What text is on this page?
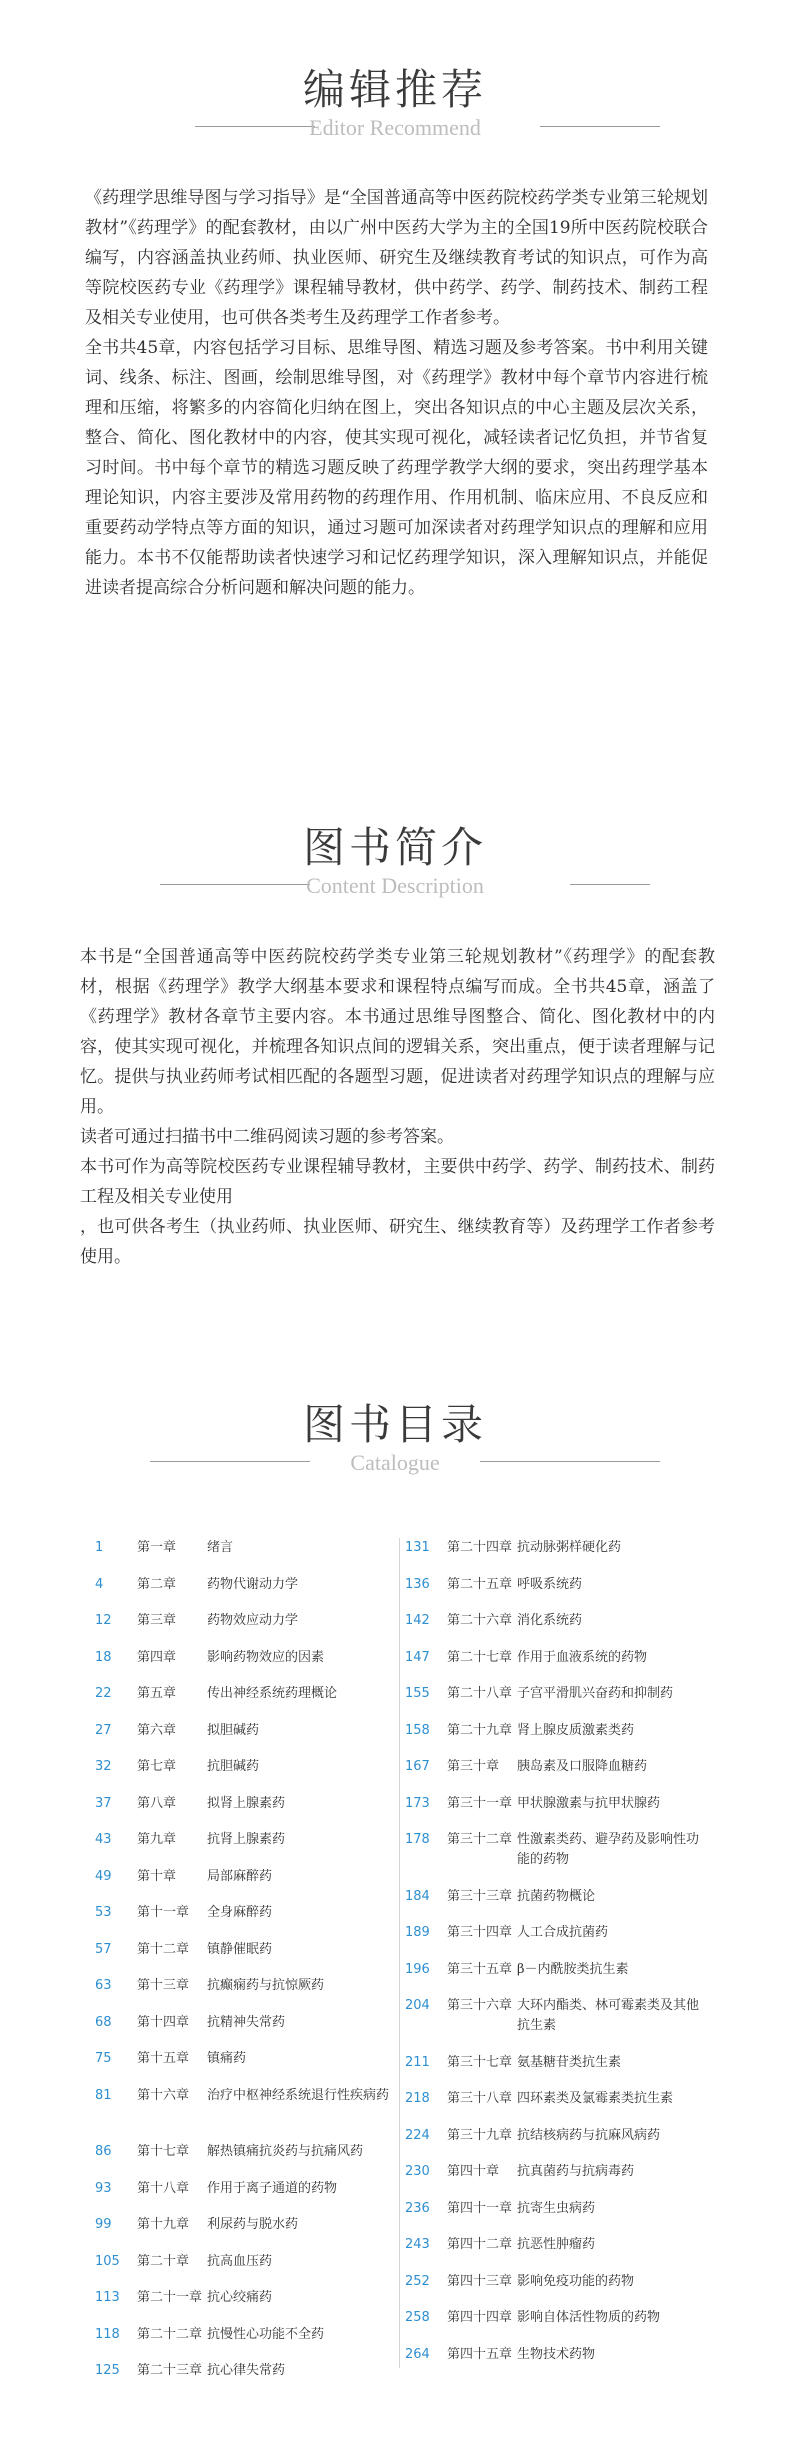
编辑推荐
Editor Recommend

《药理学思维导图与学习指导》是“全国普通高等中医药院校药学类专业第三轮规划教材”《药理学》的配套教材，由以广州中医药大学为主的全国19所中医药院校联合编写，内容涵盖执业药师、执业医师、研究生及继续教育考试的知识点，可作为高等院校医药专业《药理学》课程辅导教材，供中药学、药学、制药技术、制药工程及相关专业使用，也可供各类考生及药理学工作者参考。

全书共45章，内容包括学习目标、思维导图、精选习题及参考答案。书中利用关键词、线条、标注、图画，绘制思维导图，对《药理学》教材中每个章节内容进行梳理和压缩，将繁多的内容简化归纳在图上，突出各知识点的中心主题及层次关系，整合、简化、图化教材中的内容，使其实现可视化，减轻读者记忆负担，并节省复习时间。书中每个章节的精选习题反映了药理学教学大纲的要求，突出药理学基本理论知识，内容主要涉及常用药物的药理作用、作用机制、临床应用、不良反应和重要药动学特点等方面的知识，通过习题可加深读者对药理学知识点的理解和应用能力。本书不仅能帮助读者快速学习和记忆药理学知识，深入理解知识点，并能促进读者提高综合分析问题和解决问题的能力。

图书简介
Content Description

本书是“全国普通高等中医药院校药学类专业第三轮规划教材”《药理学》的配套教材，根据《药理学》教学大纲基本要求和课程特点编写而成。全书共45章，涵盖了《药理学》教材各章节主要内容。本书通过思维导图整合、简化、图化教材中的内容，使其实现可视化，并梳理各知识点间的逻辑关系，突出重点，便于读者理解与记忆。提供与执业药师考试相匹配的各题型习题，促进读者对药理学知识点的理解与应用。

读者可通过扫描书中二维码阅读习题的参考答案。

本书可作为高等院校医药专业课程辅导教材，主要供中药学、药学、制药技术、制药工程及相关专业使用

，也可供各考生（执业药师、执业医师、研究生、继续教育等）及药理学工作者参考使用。

图书目录
Catalogue
1	第一章	绪言
4	第二章	药物代谢动力学
12	第三章	药物效应动力学
18	第四章	影响药物效应的因素
22	第五章	传出神经系统药理概论
27	第六章	拟胆碱药
32	第七章	抗胆碱药
37	第八章	拟肾上腺素药
43	第九章	抗肾上腺素药
49	第十章	局部麻醉药
53	第十一章	全身麻醉药
57	第十二章	镇静催眠药
63	第十三章	抗癫痫药与抗惊厥药
68	第十四章	抗精神失常药
75	第十五章	镇痛药
81	第十六章	治疗中枢神经系统退行性疾病药
86	第十七章	解热镇痛抗炎药与抗痛风药
93	第十八章	作用于离子通道的药物
99	第十九章	利尿药与脱水药
105	第二十章	抗高血压药
113	第二十一章 抗心绞痛药
118	第二十二章 抗慢性心功能不全药
125	第二十三章 抗心律失常药
131	第二十四章 抗动脉粥样硬化药
136	第二十五章 呼吸系统药
142	第二十六章 消化系统药
147	第二十七章 作用于血液系统的药物
155	第二十八章 子宫平滑肌兴奋药和抑制药
158	第二十九章 肾上腺皮质激素类药
167	第三十章	胰岛素及口服降血糖药
173	第三十一章 甲状腺激素与抗甲状腺药
178	第三十二章 性激素类药、避孕药及影响性功能的药物
184	第三十三章 抗菌药物概论
189	第三十四章 人工合成抗菌药
196	第三十五章 β－内酰胺类抗生素
204	第三十六章 大环内酯类、林可霉素类及其他抗生素
211	第三十七章 氨基糖苷类抗生素
218	第三十八章 四环素类及氯霉素类抗生素
224	第三十九章 抗结核病药与抗麻风病药
230	第四十章	抗真菌药与抗病毒药
236	第四十一章 抗寄生虫病药
243	第四十二章 抗恶性肿瘤药
252	第四十三章 影响免疫功能的药物
258	第四十四章 影响自体活性物质的药物
264	第四十五章 生物技术药物
